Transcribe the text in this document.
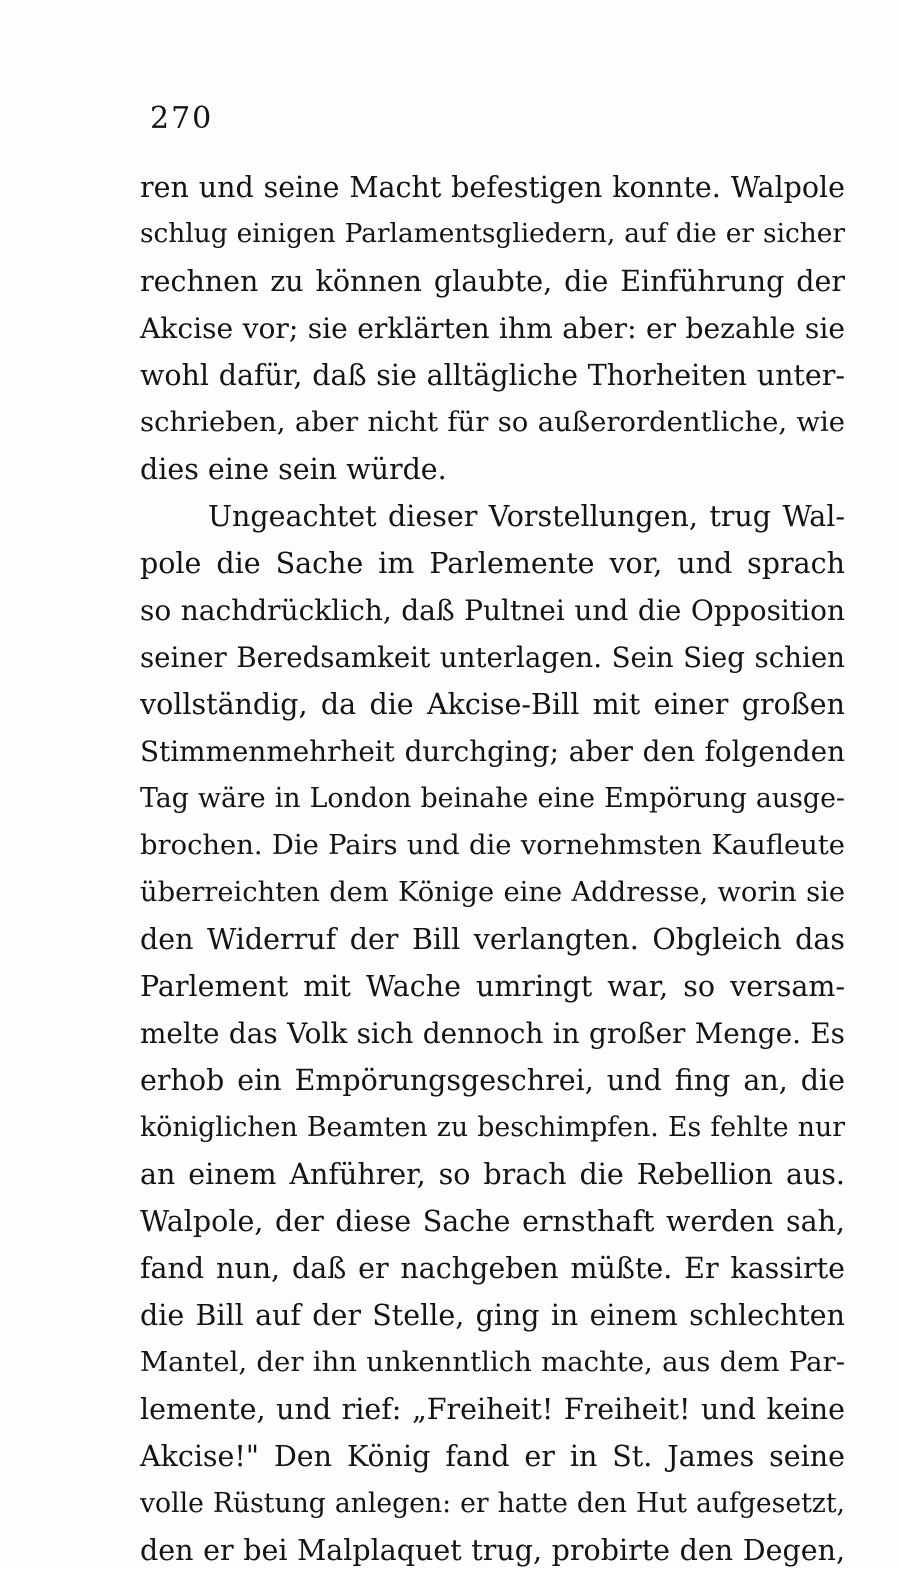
270
ren und seine Macht befestigen konnte. Walpole
schlug einigen Parlamentsgliedern, auf die er sicher
rechnen zu können glaubte, die Einführung der
Akcise vor; sie erklärten ihm aber: er bezahle sie
wohl dafür, daß sie alltägliche Thorheiten unter-
schrieben, aber nicht für so außerordentliche, wie
dies eine sein würde.
Ungeachtet dieser Vorstellungen, trug Wal-
pole die Sache im Parlemente vor, und sprach
so nachdrücklich, daß Pultnei und die Opposition
seiner Beredsamkeit unterlagen. Sein Sieg schien
vollständig, da die Akcise-Bill mit einer großen
Stimmenmehrheit durchging; aber den folgenden
Tag wäre in London beinahe eine Empörung ausge-
brochen. Die Pairs und die vornehmsten Kaufleute
überreichten dem Könige eine Addresse, worin sie
den Widerruf der Bill verlangten. Obgleich das
Parlement mit Wache umringt war, so versam-
melte das Volk sich dennoch in großer Menge. Es
erhob ein Empörungsgeschrei, und fing an, die
königlichen Beamten zu beschimpfen. Es fehlte nur
an einem Anführer, so brach die Rebellion aus.
Walpole, der diese Sache ernsthaft werden sah,
fand nun, daß er nachgeben müßte. Er kassirte
die Bill auf der Stelle, ging in einem schlechten
Mantel, der ihn unkenntlich machte, aus dem Par-
lemente, und rief: „Freiheit! Freiheit! und keine
Akcise!" Den König fand er in St. James seine
volle Rüstung anlegen: er hatte den Hut aufgesetzt,
den er bei Malplaquet trug, probirte den Degen,
